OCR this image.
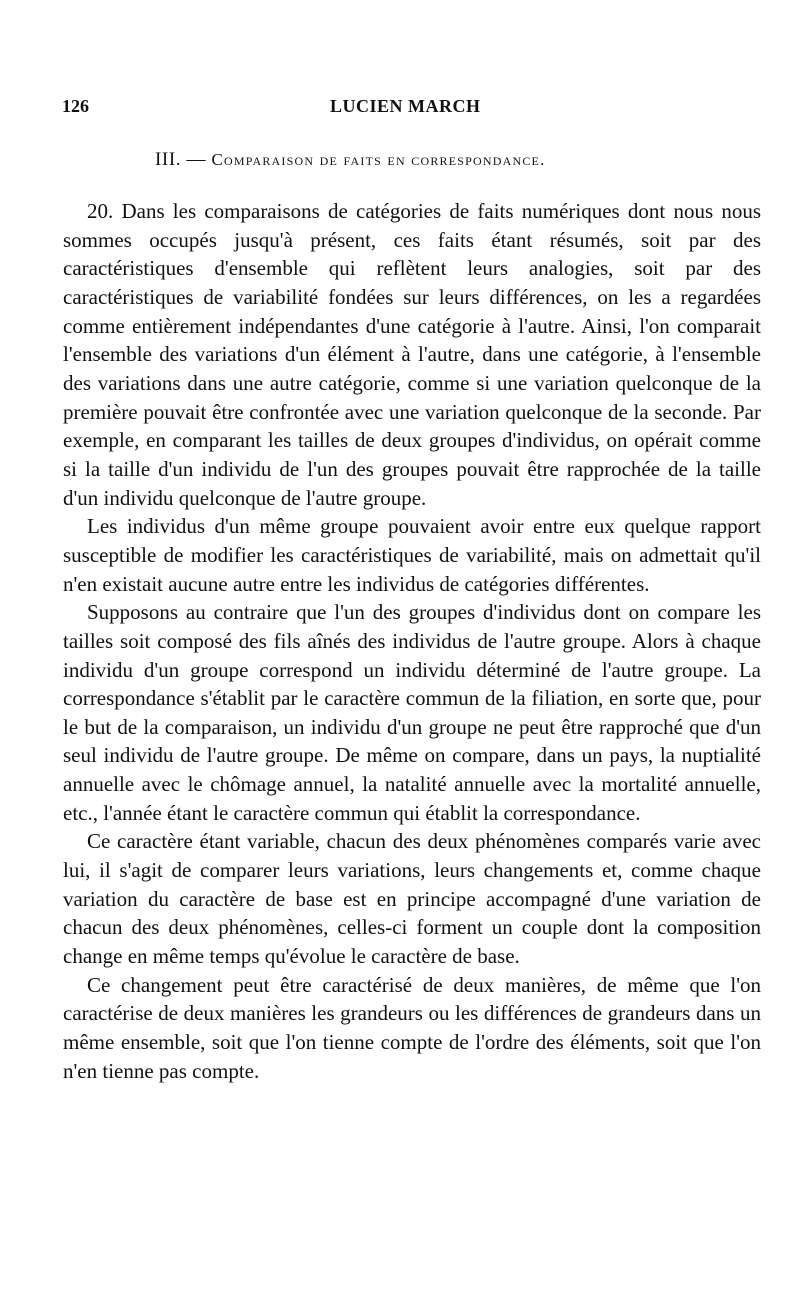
126	LUCIEN MARCH
III. — Comparaison de faits en correspondance.

20. Dans les comparaisons de catégories de faits numériques dont nous nous sommes occupés jusqu'à présent, ces faits étant résumés, soit par des caractéristiques d'ensemble qui reflètent leurs analogies, soit par des caractéristiques de variabilité fondées sur leurs différences, on les a regardées comme entièrement indépendantes d'une catégorie à l'autre. Ainsi, l'on comparait l'ensemble des variations d'un élément à l'autre, dans une catégorie, à l'ensemble des variations dans une autre catégorie, comme si une variation quelconque de la première pouvait être confrontée avec une variation quelconque de la seconde. Par exemple, en comparant les tailles de deux groupes d'individus, on opérait comme si la taille d'un individu de l'un des groupes pouvait être rapprochée de la taille d'un individu quelconque de l'autre groupe.

Les individus d'un même groupe pouvaient avoir entre eux quelque rapport susceptible de modifier les caractéristiques de variabilité, mais on admettait qu'il n'en existait aucune autre entre les individus de catégories différentes.

Supposons au contraire que l'un des groupes d'individus dont on compare les tailles soit composé des fils aînés des individus de l'autre groupe. Alors à chaque individu d'un groupe correspond un individu déterminé de l'autre groupe. La correspondance s'établit par le caractère commun de la filiation, en sorte que, pour le but de la comparaison, un individu d'un groupe ne peut être rapproché que d'un seul individu de l'autre groupe. De même on compare, dans un pays, la nuptialité annuelle avec le chômage annuel, la natalité annuelle avec la mortalité annuelle, etc., l'année étant le caractère commun qui établit la correspondance.

Ce caractère étant variable, chacun des deux phénomènes comparés varie avec lui, il s'agit de comparer leurs variations, leurs changements et, comme chaque variation du caractère de base est en principe accompagné d'une variation de chacun des deux phénomènes, celles-ci forment un couple dont la composition change en même temps qu'évolue le caractère de base.

Ce changement peut être caractérisé de deux manières, de même que l'on caractérise de deux manières les grandeurs ou les différences de grandeurs dans un même ensemble, soit que l'on tienne compte de l'ordre des éléments, soit que l'on n'en tienne pas compte.
